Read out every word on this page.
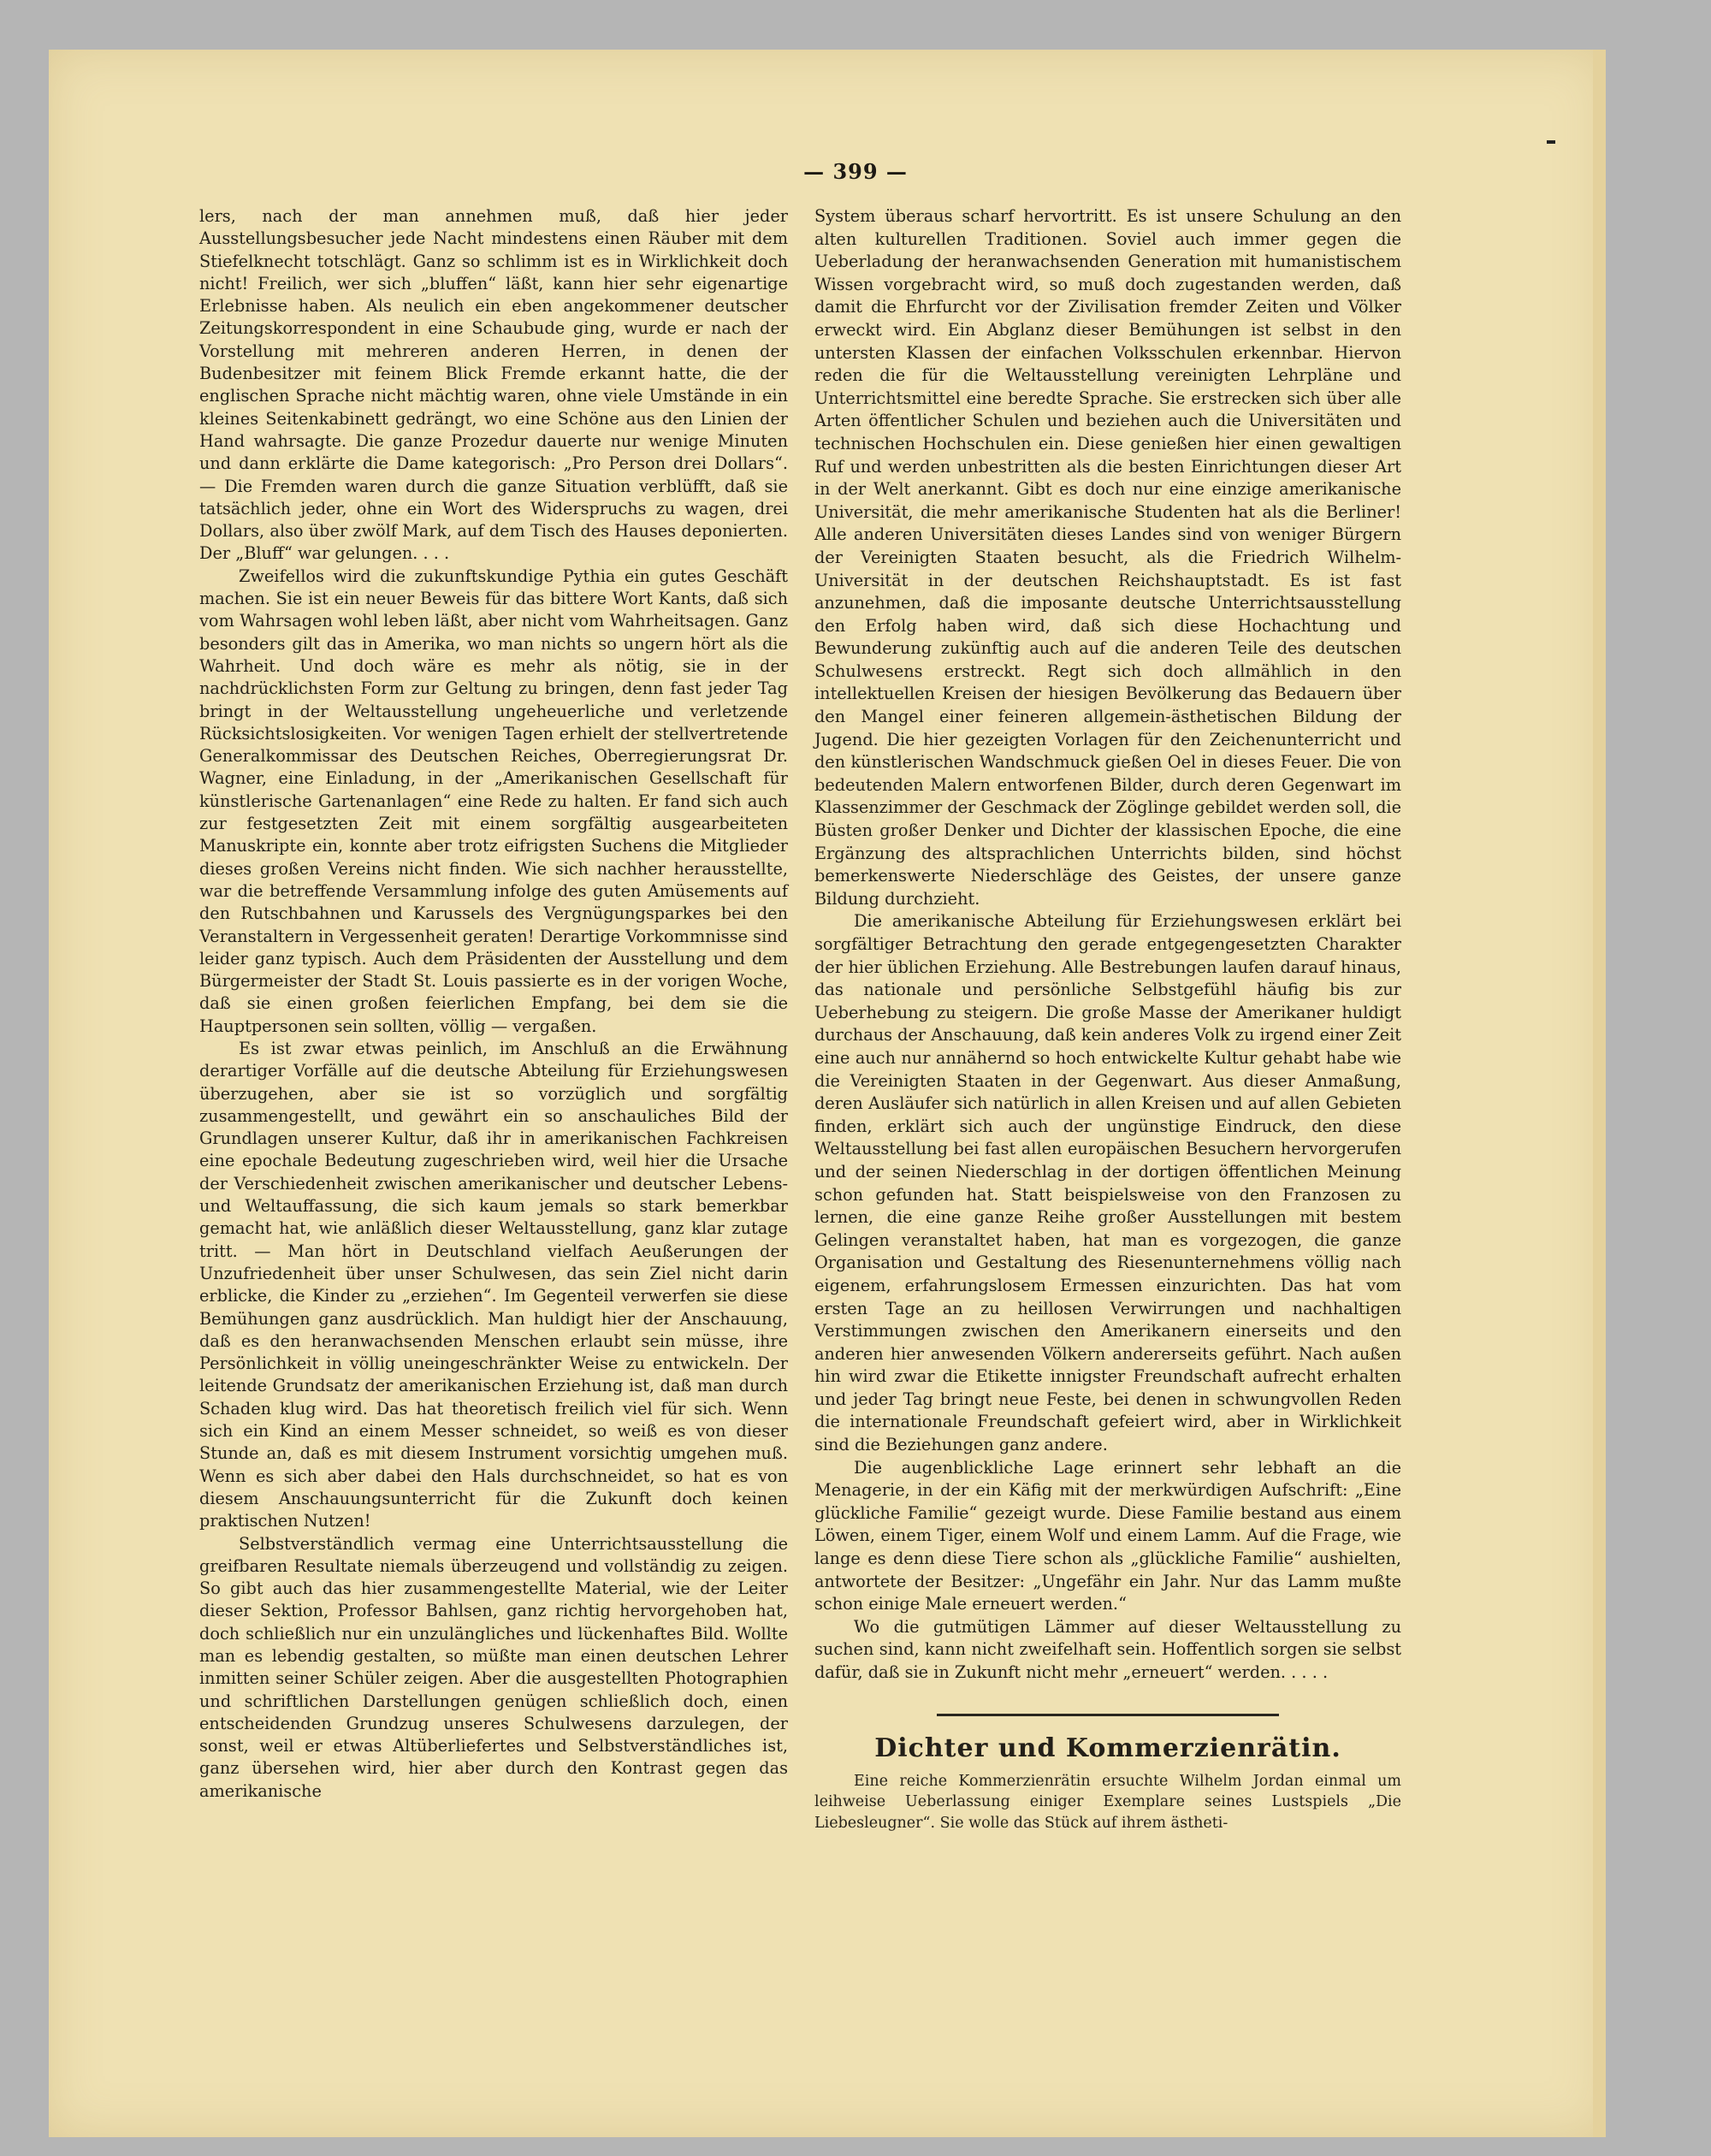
— 399 —

lers, nach der man annehmen muß, daß hier jeder Ausstellungsbesucher jede Nacht mindestens einen Räuber mit dem Stiefelknecht totschlägt. Ganz so schlimm ist es in Wirklichkeit doch nicht! Freilich, wer sich „bluffen“ läßt, kann hier sehr eigenartige Erlebnisse haben. Als neulich ein eben angekommener deutscher Zeitungskorrespondent in eine Schaubude ging, wurde er nach der Vorstellung mit mehreren anderen Herren, in denen der Budenbesitzer mit feinem Blick Fremde erkannt hatte, die der englischen Sprache nicht mächtig waren, ohne viele Umstände in ein kleines Seitenkabinett gedrängt, wo eine Schöne aus den Linien der Hand wahrsagte. Die ganze Prozedur dauerte nur wenige Minuten und dann erklärte die Dame kategorisch: „Pro Person drei Dollars“. — Die Fremden waren durch die ganze Situation verblüfft, daß sie tatsächlich jeder, ohne ein Wort des Widerspruchs zu wagen, drei Dollars, also über zwölf Mark, auf dem Tisch des Hauses deponierten. Der „Bluff“ war gelungen. . . .

Zweifellos wird die zukunftskundige Pythia ein gutes Geschäft machen. Sie ist ein neuer Beweis für das bittere Wort Kants, daß sich vom Wahrsagen wohl leben läßt, aber nicht vom Wahrheitsagen. Ganz besonders gilt das in Amerika, wo man nichts so ungern hört als die Wahrheit. Und doch wäre es mehr als nötig, sie in der nachdrücklichsten Form zur Geltung zu bringen, denn fast jeder Tag bringt in der Weltausstellung ungeheuerliche und verletzende Rücksichtslosigkeiten. Vor wenigen Tagen erhielt der stellvertretende Generalkommissar des Deutschen Reiches, Oberregierungsrat Dr. Wagner, eine Einladung, in der „Amerikanischen Gesellschaft für künstlerische Gartenanlagen“ eine Rede zu halten. Er fand sich auch zur festgesetzten Zeit mit einem sorgfältig ausgearbeiteten Manuskripte ein, konnte aber trotz eifrigsten Suchens die Mitglieder dieses großen Vereins nicht finden. Wie sich nachher herausstellte, war die betreffende Versammlung infolge des guten Amüsements auf den Rutschbahnen und Karussels des Vergnügungsparkes bei den Veranstaltern in Vergessenheit geraten! Derartige Vorkommnisse sind leider ganz typisch. Auch dem Präsidenten der Ausstellung und dem Bürgermeister der Stadt St. Louis passierte es in der vorigen Woche, daß sie einen großen feierlichen Empfang, bei dem sie die Hauptpersonen sein sollten, völlig — vergaßen.

Es ist zwar etwas peinlich, im Anschluß an die Erwähnung derartiger Vorfälle auf die deutsche Abteilung für Erziehungswesen überzugehen, aber sie ist so vorzüglich und sorgfältig zusammengestellt, und gewährt ein so anschauliches Bild der Grundlagen unserer Kultur, daß ihr in amerikanischen Fachkreisen eine epochale Bedeutung zugeschrieben wird, weil hier die Ursache der Verschiedenheit zwischen amerikanischer und deutscher Lebens- und Weltauffassung, die sich kaum jemals so stark bemerkbar gemacht hat, wie anläßlich dieser Weltausstellung, ganz klar zutage tritt. — Man hört in Deutschland vielfach Aeußerungen der Unzufriedenheit über unser Schulwesen, das sein Ziel nicht darin erblicke, die Kinder zu „erziehen“. Im Gegenteil verwerfen sie diese Bemühungen ganz ausdrücklich. Man huldigt hier der Anschauung, daß es den heranwachsenden Menschen erlaubt sein müsse, ihre Persönlichkeit in völlig uneingeschränkter Weise zu entwickeln. Der leitende Grundsatz der amerikanischen Erziehung ist, daß man durch Schaden klug wird. Das hat theoretisch freilich viel für sich. Wenn sich ein Kind an einem Messer schneidet, so weiß es von dieser Stunde an, daß es mit diesem Instrument vorsichtig umgehen muß. Wenn es sich aber dabei den Hals durchschneidet, so hat es von diesem Anschauungsunterricht für die Zukunft doch keinen praktischen Nutzen!

Selbstverständlich vermag eine Unterrichtsausstellung die greifbaren Resultate niemals überzeugend und vollständig zu zeigen. So gibt auch das hier zusammengestellte Material, wie der Leiter dieser Sektion, Professor Bahlsen, ganz richtig hervorgehoben hat, doch schließlich nur ein unzulängliches und lückenhaftes Bild. Wollte man es lebendig gestalten, so müßte man einen deutschen Lehrer inmitten seiner Schüler zeigen. Aber die ausgestellten Photographien und schriftlichen Darstellungen genügen schließlich doch, einen entscheidenden Grundzug unseres Schulwesens darzulegen, der sonst, weil er etwas Altüberliefertes und Selbstverständliches ist, ganz übersehen wird, hier aber durch den Kontrast gegen das amerikanische

System überaus scharf hervortritt. Es ist unsere Schulung an den alten kulturellen Traditionen. Soviel auch immer gegen die Ueberladung der heranwachsenden Generation mit humanistischem Wissen vorgebracht wird, so muß doch zugestanden werden, daß damit die Ehrfurcht vor der Zivilisation fremder Zeiten und Völker erweckt wird. Ein Abglanz dieser Bemühungen ist selbst in den untersten Klassen der einfachen Volksschulen erkennbar. Hiervon reden die für die Weltausstellung vereinigten Lehrpläne und Unterrichtsmittel eine beredte Sprache. Sie erstrecken sich über alle Arten öffentlicher Schulen und beziehen auch die Universitäten und technischen Hochschulen ein. Diese genießen hier einen gewaltigen Ruf und werden unbestritten als die besten Einrichtungen dieser Art in der Welt anerkannt. Gibt es doch nur eine einzige amerikanische Universität, die mehr amerikanische Studenten hat als die Berliner! Alle anderen Universitäten dieses Landes sind von weniger Bürgern der Vereinigten Staaten besucht, als die Friedrich Wilhelm-Universität in der deutschen Reichshauptstadt. Es ist fast anzunehmen, daß die imposante deutsche Unterrichtsausstellung den Erfolg haben wird, daß sich diese Hochachtung und Bewunderung zukünftig auch auf die anderen Teile des deutschen Schulwesens erstreckt. Regt sich doch allmählich in den intellektuellen Kreisen der hiesigen Bevölkerung das Bedauern über den Mangel einer feineren allgemein-ästhetischen Bildung der Jugend. Die hier gezeigten Vorlagen für den Zeichenunterricht und den künstlerischen Wandschmuck gießen Oel in dieses Feuer. Die von bedeutenden Malern entworfenen Bilder, durch deren Gegenwart im Klassenzimmer der Geschmack der Zöglinge gebildet werden soll, die Büsten großer Denker und Dichter der klassischen Epoche, die eine Ergänzung des altsprachlichen Unterrichts bilden, sind höchst bemerkenswerte Niederschläge des Geistes, der unsere ganze Bildung durchzieht.

Die amerikanische Abteilung für Erziehungswesen erklärt bei sorgfältiger Betrachtung den gerade entgegengesetzten Charakter der hier üblichen Erziehung. Alle Bestrebungen laufen darauf hinaus, das nationale und persönliche Selbstgefühl häufig bis zur Ueberhebung zu steigern. Die große Masse der Amerikaner huldigt durchaus der Anschauung, daß kein anderes Volk zu irgend einer Zeit eine auch nur annähernd so hoch entwickelte Kultur gehabt habe wie die Vereinigten Staaten in der Gegenwart. Aus dieser Anmaßung, deren Ausläufer sich natürlich in allen Kreisen und auf allen Gebieten finden, erklärt sich auch der ungünstige Eindruck, den diese Weltausstellung bei fast allen europäischen Besuchern hervorgerufen und der seinen Niederschlag in der dortigen öffentlichen Meinung schon gefunden hat. Statt beispielsweise von den Franzosen zu lernen, die eine ganze Reihe großer Ausstellungen mit bestem Gelingen veranstaltet haben, hat man es vorgezogen, die ganze Organisation und Gestaltung des Riesenunternehmens völlig nach eigenem, erfahrungslosem Ermessen einzurichten. Das hat vom ersten Tage an zu heillosen Verwirrungen und nachhaltigen Verstimmungen zwischen den Amerikanern einerseits und den anderen hier anwesenden Völkern andererseits geführt. Nach außen hin wird zwar die Etikette innigster Freundschaft aufrecht erhalten und jeder Tag bringt neue Feste, bei denen in schwungvollen Reden die internationale Freundschaft gefeiert wird, aber in Wirklichkeit sind die Beziehungen ganz andere.

Die augenblickliche Lage erinnert sehr lebhaft an die Menagerie, in der ein Käfig mit der merkwürdigen Aufschrift: „Eine glückliche Familie“ gezeigt wurde. Diese Familie bestand aus einem Löwen, einem Tiger, einem Wolf und einem Lamm. Auf die Frage, wie lange es denn diese Tiere schon als „glückliche Familie“ aushielten, antwortete der Besitzer: „Ungefähr ein Jahr. Nur das Lamm mußte schon einige Male erneuert werden.“

Wo die gutmütigen Lämmer auf dieser Weltausstellung zu suchen sind, kann nicht zweifelhaft sein. Hoffentlich sorgen sie selbst dafür, daß sie in Zukunft nicht mehr „erneuert“ werden. . . . .

Dichter und Kommerzienrätin.

Eine reiche Kommerzienrätin ersuchte Wilhelm Jordan einmal um leihweise Ueberlassung einiger Exemplare seines Lustspiels „Die Liebesleugner“. Sie wolle das Stück auf ihrem ästheti-
